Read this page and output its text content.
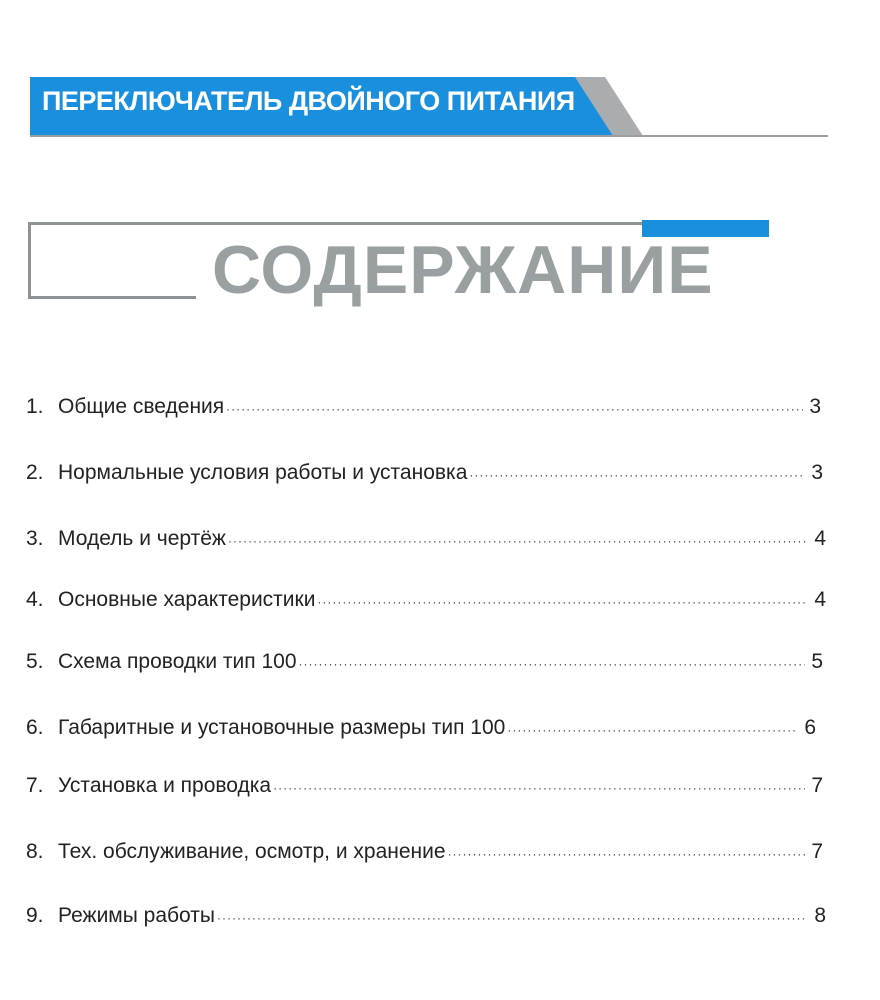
ПЕРЕКЛЮЧАТЕЛЬ ДВОЙНОГО ПИТАНИЯ
СОДЕРЖАНИЕ
1. Общие сведения ·····	3
2. Нормальные условия работы и установка ·····	3
3. Модель и чертёж ·····	4
4. Основные характеристики ·····	4
5. Схема проводки тип 100 ·····	5
6. Габаритные и установочные размеры тип 100 ·····	6
7. Установка и проводка ·····	7
8. Тех. обслуживание, осмотр, и хранение ·····	7
9. Режимы работы ·····	8
